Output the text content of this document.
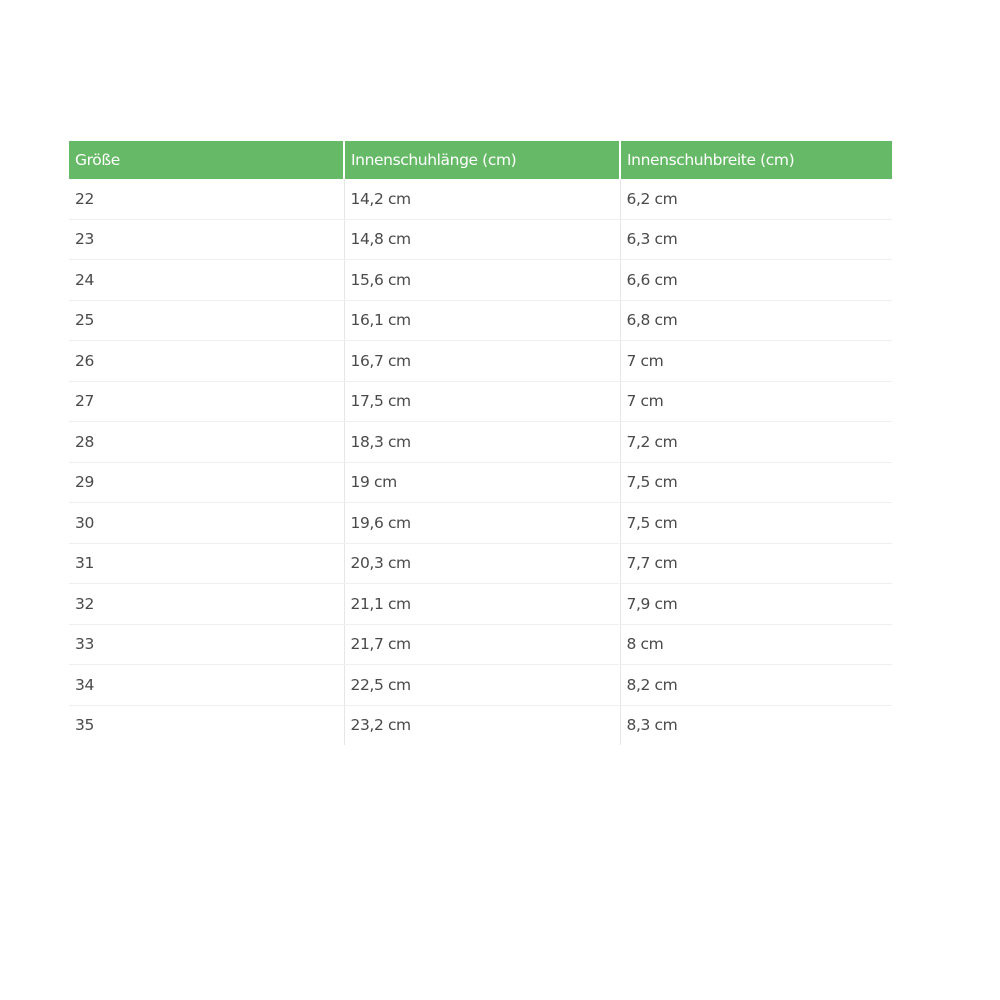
Größe	Innenschuhlänge (cm)	Innenschuhbreite (cm)
22	14,2 cm	6,2 cm
23	14,8 cm	6,3 cm
24	15,6 cm	6,6 cm
25	16,1 cm	6,8 cm
26	16,7 cm	7 cm
27	17,5 cm	7 cm
28	18,3 cm	7,2 cm
29	19 cm	7,5 cm
30	19,6 cm	7,5 cm
31	20,3 cm	7,7 cm
32	21,1 cm	7,9 cm
33	21,7 cm	8 cm
34	22,5 cm	8,2 cm
35	23,2 cm	8,3 cm
